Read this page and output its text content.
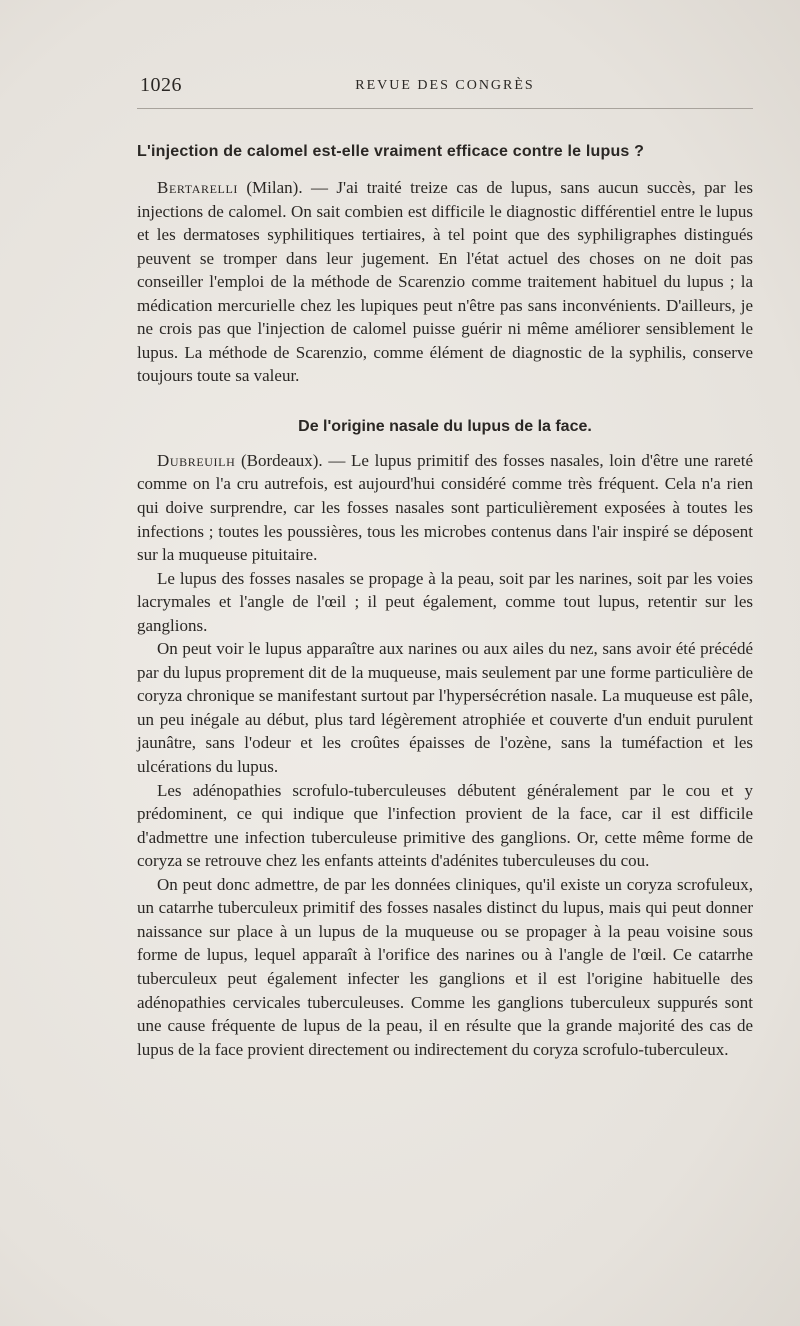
1026	REVUE DES CONGRÈS
L'injection de calomel est-elle vraiment efficace contre le lupus ?

Bertarelli (Milan). — J'ai traité treize cas de lupus, sans aucun succès, par les injections de calomel. On sait combien est difficile le diagnostic différentiel entre le lupus et les dermatoses syphilitiques tertiaires, à tel point que des syphiligraphes distingués peuvent se tromper dans leur jugement. En l'état actuel des choses on ne doit pas conseiller l'emploi de la méthode de Scarenzio comme traitement habituel du lupus ; la médication mercurielle chez les lupiques peut n'être pas sans inconvénients. D'ailleurs, je ne crois pas que l'injection de calomel puisse guérir ni même améliorer sensiblement le lupus. La méthode de Scarenzio, comme élément de diagnostic de la syphilis, conserve toujours toute sa valeur.

De l'origine nasale du lupus de la face.

Dubreuilh (Bordeaux). — Le lupus primitif des fosses nasales, loin d'être une rareté comme on l'a cru autrefois, est aujourd'hui considéré comme très fréquent. Cela n'a rien qui doive surprendre, car les fosses nasales sont particulièrement exposées à toutes les infections ; toutes les poussières, tous les microbes contenus dans l'air inspiré se déposent sur la muqueuse pituitaire.

Le lupus des fosses nasales se propage à la peau, soit par les narines, soit par les voies lacrymales et l'angle de l'œil ; il peut également, comme tout lupus, retentir sur les ganglions.

On peut voir le lupus apparaître aux narines ou aux ailes du nez, sans avoir été précédé par du lupus proprement dit de la muqueuse, mais seulement par une forme particulière de coryza chronique se manifestant surtout par l'hypersécrétion nasale. La muqueuse est pâle, un peu inégale au début, plus tard légèrement atrophiée et couverte d'un enduit purulent jaunâtre, sans l'odeur et les croûtes épaisses de l'ozène, sans la tuméfaction et les ulcérations du lupus.

Les adénopathies scrofulo-tuberculeuses débutent généralement par le cou et y prédominent, ce qui indique que l'infection provient de la face, car il est difficile d'admettre une infection tuberculeuse primitive des ganglions. Or, cette même forme de coryza se retrouve chez les enfants atteints d'adénites tuberculeuses du cou.

On peut donc admettre, de par les données cliniques, qu'il existe un coryza scrofuleux, un catarrhe tuberculeux primitif des fosses nasales distinct du lupus, mais qui peut donner naissance sur place à un lupus de la muqueuse ou se propager à la peau voisine sous forme de lupus, lequel apparaît à l'orifice des narines ou à l'angle de l'œil. Ce catarrhe tuberculeux peut également infecter les ganglions et il est l'origine habituelle des adénopathies cervicales tuberculeuses. Comme les ganglions tuberculeux suppurés sont une cause fréquente de lupus de la peau, il en résulte que la grande majorité des cas de lupus de la face provient directement ou indirectement du coryza scrofulo-tuberculeux.
